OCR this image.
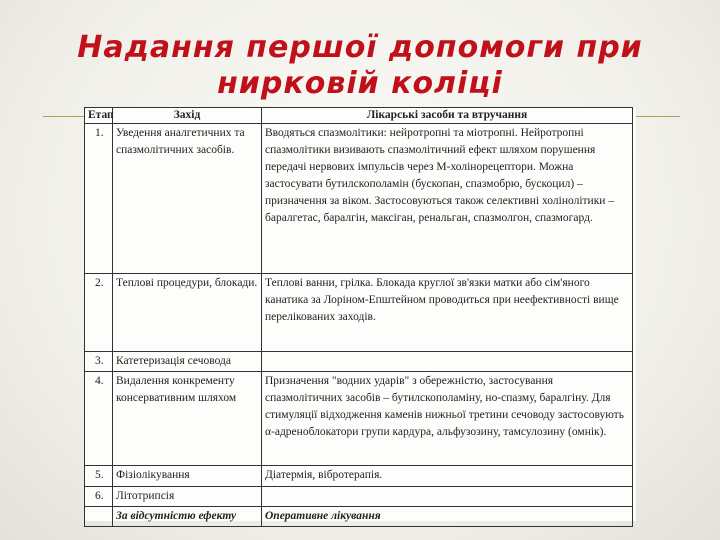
Надання першої допомоги при
нирковій коліці
Етап	Захід	Лікарські засоби та втручання
1.	Уведення аналгетичних та спазмолітичних засобів.	Вводяться спазмолітики: нейротропні та міотропні. Нейротропні спазмолітики визивають спазмолітичний ефект шляхом порушення передачі нервових імпульсів через М-холінорецептори. Можна застосувати бутилскополамін (бускопан, спазмобрю, бускоцил) – призначення за віком. Застосовуються також селективні холінолітики – баралгетас, баралгін, максіган, ренальган, спазмолгон, спазмогард.
2.	Теплові процедури, блокади.	Теплові ванни, грілка. Блокада круглої зв'язки матки або сім'яного канатика за Лоріном-Епштейном проводиться при неефективності вище перелікованих заходів.
3.	Катетеризація сечовода	
4.	Видалення конкременту консервативним шляхом	Призначення "водних ударів" з обережністю, застосування спазмолітичних засобів – бутилскополаміну, но-спазму, баралгіну. Для стимуляції відходження каменів нижньої третини сечоводу застосовують α-адреноблокатори групи кардура, альфузозину, тамсулозину (омнік).
5.	Фізіолікування	Діатермія, вібротерапія.
6.	Літотрипсія	
	За відсутністю ефекту	Оперативне лікування
